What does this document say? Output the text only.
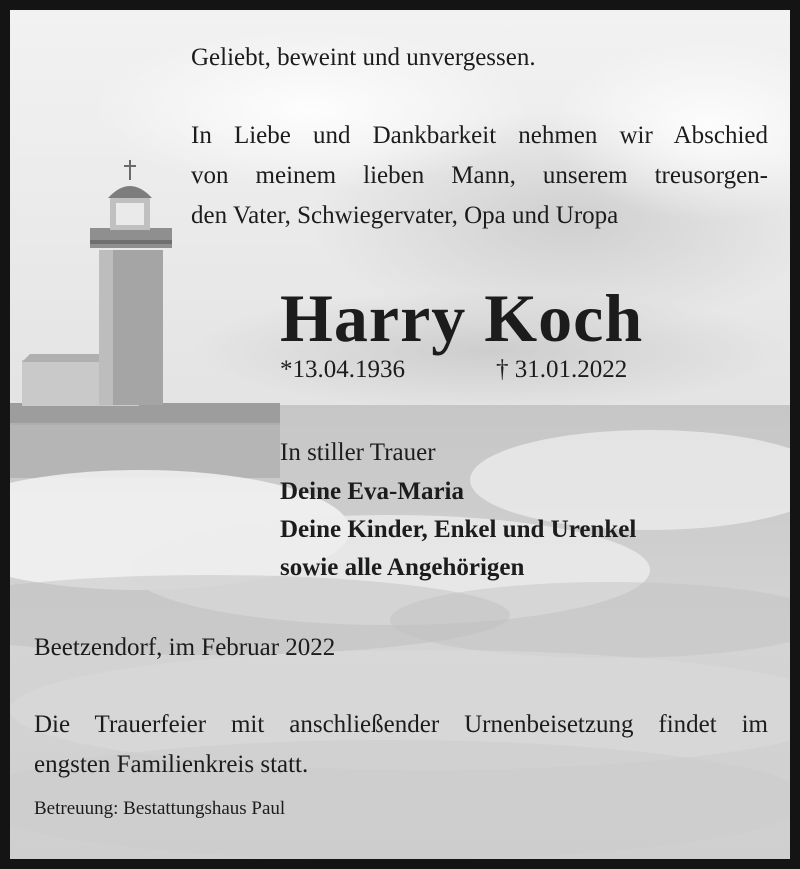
Geliebt, beweint und unvergessen.
In Liebe und Dankbarkeit nehmen wir Abschied
von meinem lieben Mann, unserem treusorgen-
den Vater, Schwiegervater, Opa und Uropa
Harry Koch
*13.04.1936	† 31.01.2022
In stiller Trauer
Deine Eva-Maria
Deine Kinder, Enkel und Urenkel
sowie alle Angehörigen
Beetzendorf, im Februar 2022
Die Trauerfeier mit anschließender Urnenbeisetzung findet im
engsten Familienkreis statt.
Betreuung: Bestattungshaus Paul
